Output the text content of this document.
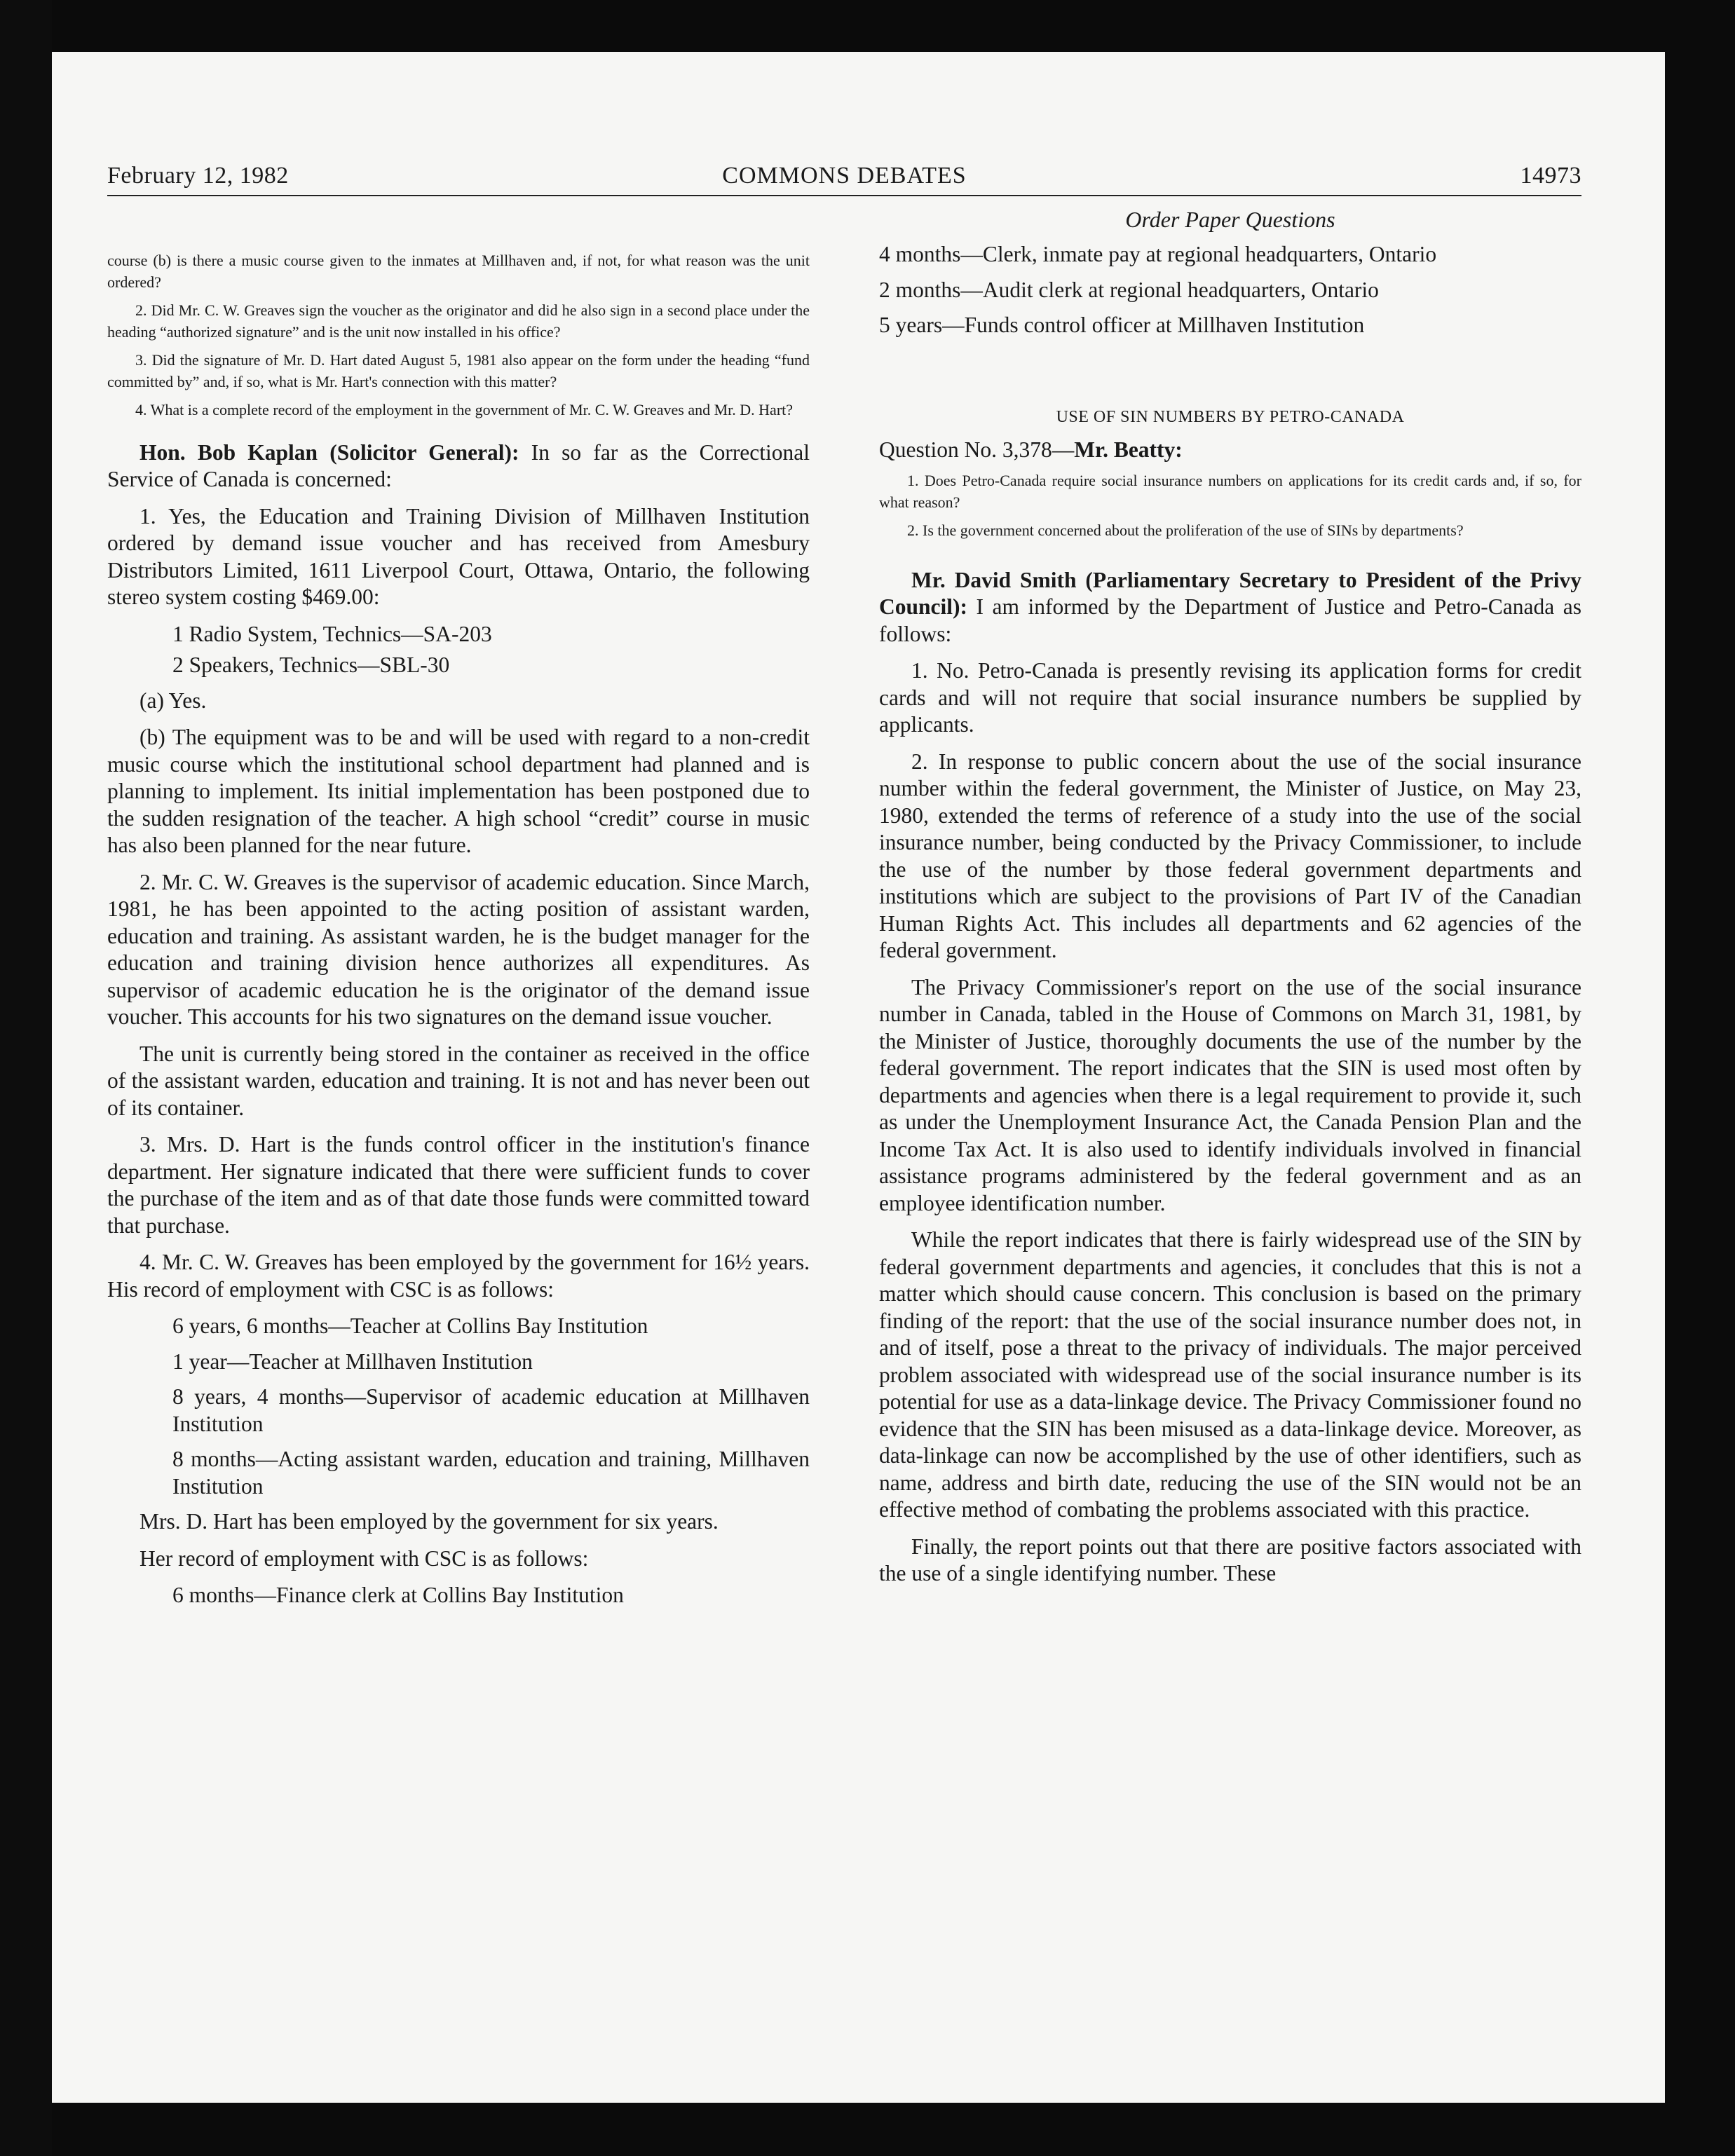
February 12, 1982	COMMONS DEBATES	14973

course (b) is there a music course given to the inmates at Millhaven and, if not, for what reason was the unit ordered?

2. Did Mr. C. W. Greaves sign the voucher as the originator and did he also sign in a second place under the heading “authorized signature” and is the unit now installed in his office?

3. Did the signature of Mr. D. Hart dated August 5, 1981 also appear on the form under the heading “fund committed by” and, if so, what is Mr. Hart's connection with this matter?

4. What is a complete record of the employment in the government of Mr. C. W. Greaves and Mr. D. Hart?

Hon. Bob Kaplan (Solicitor General): In so far as the Correctional Service of Canada is concerned:

1. Yes, the Education and Training Division of Millhaven Institution ordered by demand issue voucher and has received from Amesbury Distributors Limited, 1611 Liverpool Court, Ottawa, Ontario, the following stereo system costing $469.00:

1 Radio System, Technics—SA-203

2 Speakers, Technics—SBL-30

(a) Yes.

(b) The equipment was to be and will be used with regard to a non-credit music course which the institutional school department had planned and is planning to implement. Its initial implementation has been postponed due to the sudden resignation of the teacher. A high school “credit” course in music has also been planned for the near future.

2. Mr. C. W. Greaves is the supervisor of academic education. Since March, 1981, he has been appointed to the acting position of assistant warden, education and training. As assistant warden, he is the budget manager for the education and training division hence authorizes all expenditures. As supervisor of academic education he is the originator of the demand issue voucher. This accounts for his two signatures on the demand issue voucher.

The unit is currently being stored in the container as received in the office of the assistant warden, education and training. It is not and has never been out of its container.

3. Mrs. D. Hart is the funds control officer in the institution's finance department. Her signature indicated that there were sufficient funds to cover the purchase of the item and as of that date those funds were committed toward that purchase.

4. Mr. C. W. Greaves has been employed by the government for 16½ years. His record of employment with CSC is as follows:

6 years, 6 months—Teacher at Collins Bay Institution

1 year—Teacher at Millhaven Institution

8 years, 4 months—Supervisor of academic education at Millhaven Institution

8 months—Acting assistant warden, education and training, Millhaven Institution

Mrs. D. Hart has been employed by the government for six years.

Her record of employment with CSC is as follows:

6 months—Finance clerk at Collins Bay Institution

Order Paper Questions

4 months—Clerk, inmate pay at regional headquarters, Ontario

2 months—Audit clerk at regional headquarters, Ontario

5 years—Funds control officer at Millhaven Institution

USE OF SIN NUMBERS BY PETRO-CANADA

Question No. 3,378—Mr. Beatty:

1. Does Petro-Canada require social insurance numbers on applications for its credit cards and, if so, for what reason?

2. Is the government concerned about the proliferation of the use of SINs by departments?

Mr. David Smith (Parliamentary Secretary to President of the Privy Council): I am informed by the Department of Justice and Petro-Canada as follows:

1. No. Petro-Canada is presently revising its application forms for credit cards and will not require that social insurance numbers be supplied by applicants.

2. In response to public concern about the use of the social insurance number within the federal government, the Minister of Justice, on May 23, 1980, extended the terms of reference of a study into the use of the social insurance number, being conducted by the Privacy Commissioner, to include the use of the number by those federal government departments and institutions which are subject to the provisions of Part IV of the Canadian Human Rights Act. This includes all departments and 62 agencies of the federal government.

The Privacy Commissioner's report on the use of the social insurance number in Canada, tabled in the House of Commons on March 31, 1981, by the Minister of Justice, thoroughly documents the use of the number by the federal government. The report indicates that the SIN is used most often by departments and agencies when there is a legal requirement to provide it, such as under the Unemployment Insurance Act, the Canada Pension Plan and the Income Tax Act. It is also used to identify individuals involved in financial assistance programs administered by the federal government and as an employee identification number.

While the report indicates that there is fairly widespread use of the SIN by federal government departments and agencies, it concludes that this is not a matter which should cause concern. This conclusion is based on the primary finding of the report: that the use of the social insurance number does not, in and of itself, pose a threat to the privacy of individuals. The major perceived problem associated with widespread use of the social insurance number is its potential for use as a data-linkage device. The Privacy Commissioner found no evidence that the SIN has been misused as a data-linkage device. Moreover, as data-linkage can now be accomplished by the use of other identifiers, such as name, address and birth date, reducing the use of the SIN would not be an effective method of combating the problems associated with this practice.

Finally, the report points out that there are positive factors associated with the use of a single identifying number. These
